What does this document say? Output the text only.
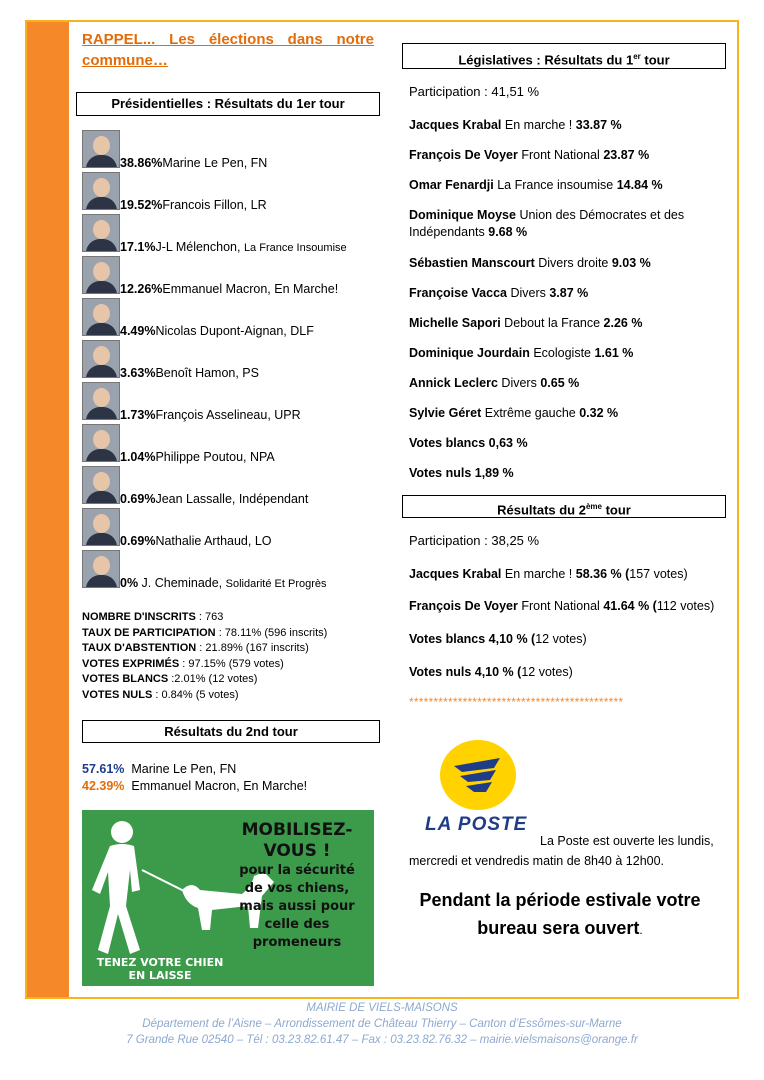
RAPPEL... Les élections dans notre
commune…
Présidentielles : Résultats du 1er tour
38.86%Marine Le Pen, FN
19.52%Francois Fillon, LR
17.1%J-L Mélenchon, La France Insoumise
12.26%Emmanuel Macron, En Marche!
4.49%Nicolas Dupont-Aignan, DLF
3.63%Benoît Hamon, PS
1.73%François Asselineau, UPR
1.04%Philippe Poutou, NPA
0.69%Jean Lassalle, Indépendant
0.69%Nathalie Arthaud, LO
0% J. Cheminade, Solidarité Et Progrès
NOMBRE D'INSCRITS : 763
TAUX DE PARTICIPATION : 78.11% (596 inscrits)
TAUX D'ABSTENTION : 21.89% (167 inscrits)
VOTES EXPRIMÉS : 97.15% (579 votes)
VOTES BLANCS :2.01% (12 votes)
VOTES NULS : 0.84% (5 votes)
Résultats du 2nd tour
57.61% Marine Le Pen, FN
42.39% Emmanuel Macron, En Marche!
TENEZ VOTRE CHIEN
EN LAISSE
MOBILISEZ-
VOUS !
pour la sécurité
de vos chiens,
mais aussi pour
celle des
promeneurs
Législatives : Résultats du 1er tour
Participation : 41,51 %
Jacques Krabal En marche ! 33.87 %
François De Voyer Front National 23.87 %
Omar Fenardji La France insoumise 14.84 %
Dominique Moyse Union des Démocrates et des Indépendants 9.68 %
Sébastien Manscourt Divers droite 9.03 %
Françoise Vacca Divers 3.87 %
Michelle Sapori Debout la France 2.26 %
Dominique Jourdain Ecologiste 1.61 %
Annick Leclerc Divers 0.65 %
Sylvie Géret Extrême gauche 0.32 %
Votes blancs 0,63 %
Votes nuls 1,89 %
Résultats du 2ème tour
Participation : 38,25 %
Jacques Krabal En marche ! 58.36 % (157 votes)
François De Voyer Front National 41.64 % (112 votes)
Votes blancs 4,10 % (12 votes)
Votes nuls 4,10 % (12 votes)
********************************************
LA POSTE
La Poste est ouverte les lundis,
mercredi et vendredis matin de 8h40 à 12h00.
Pendant la période estivale votre
bureau sera ouvert.
MAIRIE DE VIELS-MAISONS
Département de l’Aisne – Arrondissement de Château Thierry – Canton d’Essômes-sur-Marne
7 Grande Rue 02540 – Tél : 03.23.82.61.47 – Fax : 03.23.82.76.32 – mairie.vielsmaisons@orange.fr
